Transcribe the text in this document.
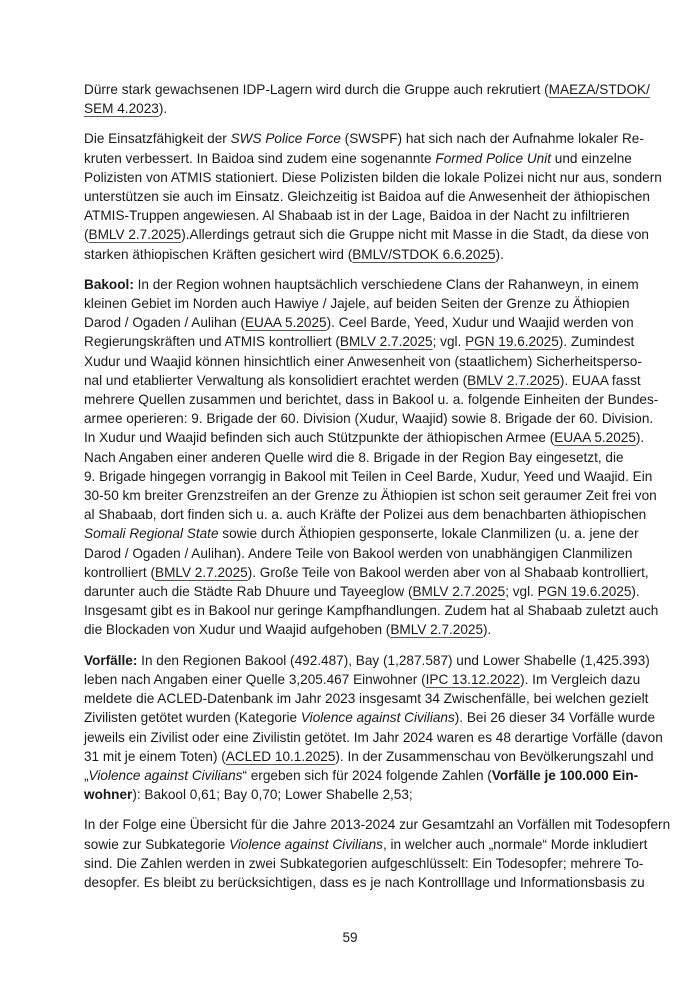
Dürre stark gewachsenen IDP-Lagern wird durch die Gruppe auch rekrutiert (MAEZA/STDOK/
SEM 4.2023).
Die Einsatzfähigkeit der SWS Police Force (SWSPF) hat sich nach der Aufnahme lokaler Re-
kruten verbessert. In Baidoa sind zudem eine sogenannte Formed Police Unit und einzelne
Polizisten von ATMIS stationiert. Diese Polizisten bilden die lokale Polizei nicht nur aus, sondern
unterstützen sie auch im Einsatz. Gleichzeitig ist Baidoa auf die Anwesenheit der äthiopischen
ATMIS-Truppen angewiesen. Al Shabaab ist in der Lage, Baidoa in der Nacht zu infiltrieren
(BMLV 2.7.2025).Allerdings getraut sich die Gruppe nicht mit Masse in die Stadt, da diese von
starken äthiopischen Kräften gesichert wird (BMLV/STDOK 6.6.2025).
Bakool: In der Region wohnen hauptsächlich verschiedene Clans der Rahanweyn, in einem
kleinen Gebiet im Norden auch Hawiye / Jajele, auf beiden Seiten der Grenze zu Äthiopien
Darod / Ogaden / Aulihan (EUAA 5.2025). Ceel Barde, Yeed, Xudur und Waajid werden von
Regierungskräften und ATMIS kontrolliert (BMLV 2.7.2025; vgl. PGN 19.6.2025). Zumindest
Xudur und Waajid können hinsichtlich einer Anwesenheit von (staatlichem) Sicherheitsperso-
nal und etablierter Verwaltung als konsolidiert erachtet werden (BMLV 2.7.2025). EUAA fasst
mehrere Quellen zusammen und berichtet, dass in Bakool u. a. folgende Einheiten der Bundes-
armee operieren: 9. Brigade der 60. Division (Xudur, Waajid) sowie 8. Brigade der 60. Division.
In Xudur und Waajid befinden sich auch Stützpunkte der äthiopischen Armee (EUAA 5.2025).
Nach Angaben einer anderen Quelle wird die 8. Brigade in der Region Bay eingesetzt, die
9. Brigade hingegen vorrangig in Bakool mit Teilen in Ceel Barde, Xudur, Yeed und Waajid. Ein
30-50 km breiter Grenzstreifen an der Grenze zu Äthiopien ist schon seit geraumer Zeit frei von
al Shabaab, dort finden sich u. a. auch Kräfte der Polizei aus dem benachbarten äthiopischen
Somali Regional State sowie durch Äthiopien gesponserte, lokale Clanmilizen (u. a. jene der
Darod / Ogaden / Aulihan). Andere Teile von Bakool werden von unabhängigen Clanmilizen
kontrolliert (BMLV 2.7.2025). Große Teile von Bakool werden aber von al Shabaab kontrolliert,
darunter auch die Städte Rab Dhuure und Tayeeglow (BMLV 2.7.2025; vgl. PGN 19.6.2025).
Insgesamt gibt es in Bakool nur geringe Kampfhandlungen. Zudem hat al Shabaab zuletzt auch
die Blockaden von Xudur und Waajid aufgehoben (BMLV 2.7.2025).
Vorfälle: In den Regionen Bakool (492.487), Bay (1,287.587) und Lower Shabelle (1,425.393)
leben nach Angaben einer Quelle 3,205.467 Einwohner (IPC 13.12.2022). Im Vergleich dazu
meldete die ACLED-Datenbank im Jahr 2023 insgesamt 34 Zwischenfälle, bei welchen gezielt
Zivilisten getötet wurden (Kategorie Violence against Civilians). Bei 26 dieser 34 Vorfälle wurde
jeweils ein Zivilist oder eine Zivilistin getötet. Im Jahr 2024 waren es 48 derartige Vorfälle (davon
31 mit je einem Toten) (ACLED 10.1.2025). In der Zusammenschau von Bevölkerungszahl und
„Violence against Civilians“ ergeben sich für 2024 folgende Zahlen (Vorfälle je 100.000 Ein-
wohner): Bakool 0,61; Bay 0,70; Lower Shabelle 2,53;
In der Folge eine Übersicht für die Jahre 2013-2024 zur Gesamtzahl an Vorfällen mit Todesopfern
sowie zur Subkategorie Violence against Civilians, in welcher auch „normale“ Morde inkludiert
sind. Die Zahlen werden in zwei Subkategorien aufgeschlüsselt: Ein Todesopfer; mehrere To-
desopfer. Es bleibt zu berücksichtigen, dass es je nach Kontrolllage und Informationsbasis zu
59
